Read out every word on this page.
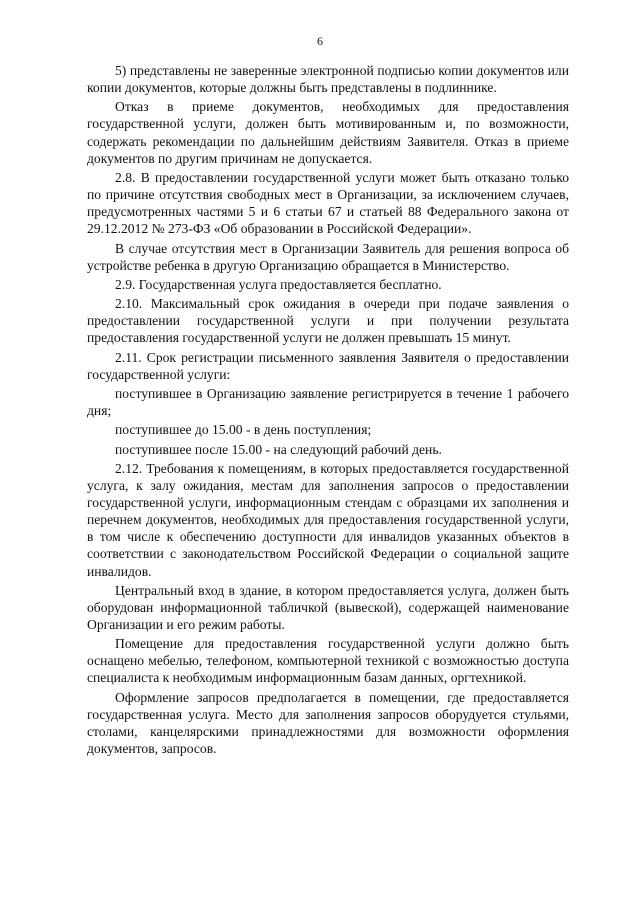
6

5) представлены не заверенные электронной подписью копии документов или копии документов, которые должны быть представлены в подлиннике.

Отказ в приеме документов, необходимых для предоставления государственной услуги, должен быть мотивированным и, по возможности, содержать рекомендации по дальнейшим действиям Заявителя. Отказ в приеме документов по другим причинам не допускается.

2.8. В предоставлении государственной услуги может быть отказано только по причине отсутствия свободных мест в Организации, за исключением случаев, предусмотренных частями 5 и 6 статьи 67 и статьей 88 Федерального закона от 29.12.2012 № 273-ФЗ «Об образовании в Российской Федерации».

В случае отсутствия мест в Организации Заявитель для решения вопроса об устройстве ребенка в другую Организацию обращается в Министерство.

2.9. Государственная услуга предоставляется бесплатно.

2.10. Максимальный срок ожидания в очереди при подаче заявления о предоставлении государственной услуги и при получении результата предоставления государственной услуги не должен превышать 15 минут.

2.11. Срок регистрации письменного заявления Заявителя о предоставлении государственной услуги:

поступившее в Организацию заявление регистрируется в течение 1 рабочего дня;

поступившее до 15.00 - в день поступления;

поступившее после 15.00 - на следующий рабочий день.

2.12. Требования к помещениям, в которых предоставляется государственной услуга, к залу ожидания, местам для заполнения запросов о предоставлении государственной услуги, информационным стендам с образцами их заполнения и перечнем документов, необходимых для предоставления государственной услуги, в том числе к обеспечению доступности для инвалидов указанных объектов в соответствии с законодательством Российской Федерации о социальной защите инвалидов.

Центральный вход в здание, в котором предоставляется услуга, должен быть оборудован информационной табличкой (вывеской), содержащей наименование Организации и его режим работы.

Помещение для предоставления государственной услуги должно быть оснащено мебелью, телефоном, компьютерной техникой с возможностью доступа специалиста к необходимым информационным базам данных, оргтехникой.

Оформление запросов предполагается в помещении, где предоставляется государственная услуга. Место для заполнения запросов оборудуется стульями, столами, канцелярскими принадлежностями для возможности оформления документов, запросов.
